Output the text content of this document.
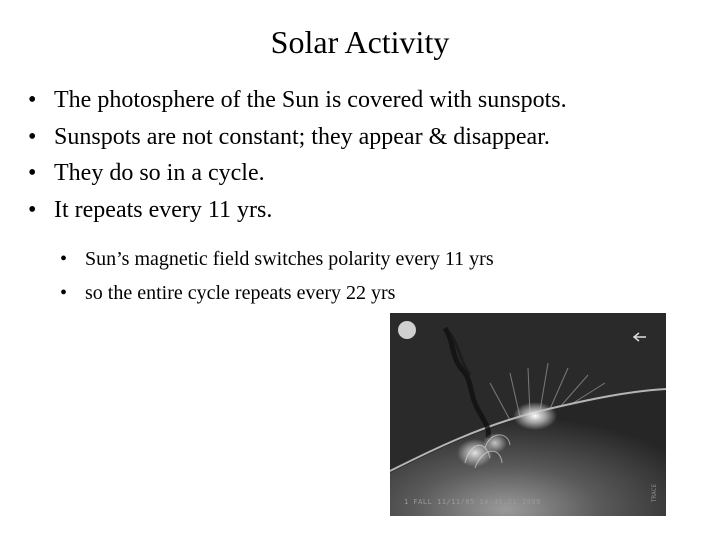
Solar Activity
• The photosphere of the Sun is covered with sunspots.
• Sunspots are not constant; they appear & disappear.
• They do so in a cycle.
• It repeats every 11 yrs.
• Sun’s magnetic field switches polarity every 11 yrs
• so the entire cycle repeats every 22 yrs
1 FALL 11/11/05 14:45:21 1999	TRACE
